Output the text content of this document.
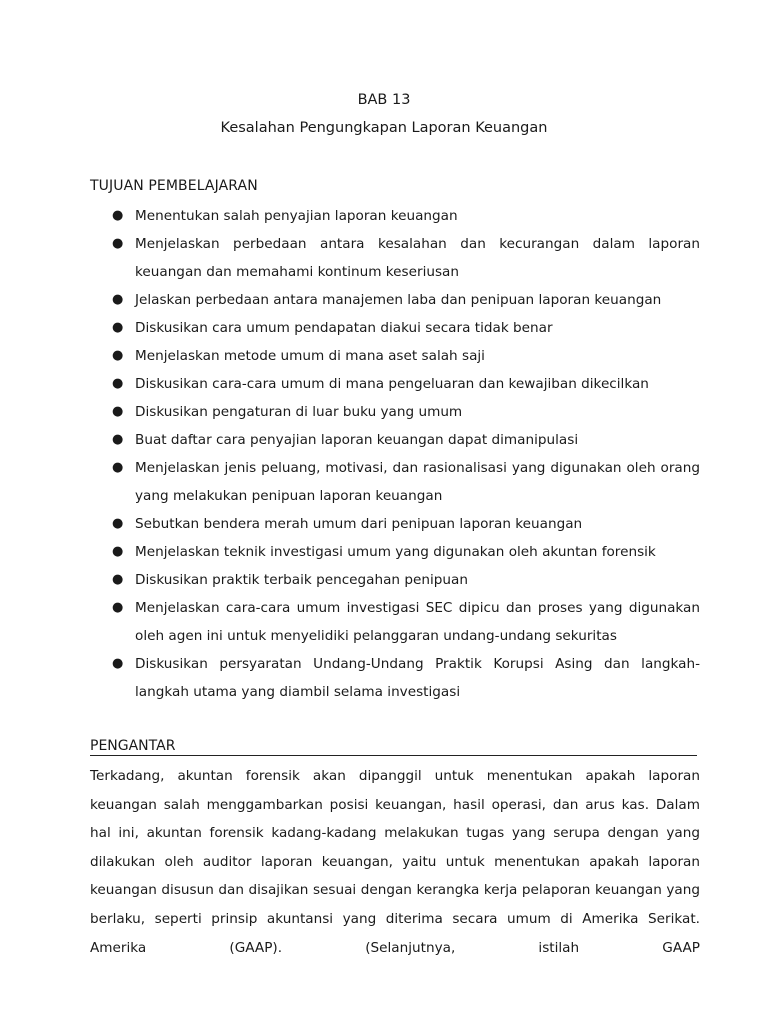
BAB 13
Kesalahan Pengungkapan Laporan Keuangan
TUJUAN PEMBELAJARAN
● Menentukan salah penyajian laporan keuangan
● Menjelaskan perbedaan antara kesalahan dan kecurangan dalam laporan keuangan dan memahami kontinum keseriusan
● Jelaskan perbedaan antara manajemen laba dan penipuan laporan keuangan
● Diskusikan cara umum pendapatan diakui secara tidak benar
● Menjelaskan metode umum di mana aset salah saji
● Diskusikan cara-cara umum di mana pengeluaran dan kewajiban dikecilkan
● Diskusikan pengaturan di luar buku yang umum
● Buat daftar cara penyajian laporan keuangan dapat dimanipulasi
● Menjelaskan jenis peluang, motivasi, dan rasionalisasi yang digunakan oleh orang yang melakukan penipuan laporan keuangan
● Sebutkan bendera merah umum dari penipuan laporan keuangan
● Menjelaskan teknik investigasi umum yang digunakan oleh akuntan forensik
● Diskusikan praktik terbaik pencegahan penipuan
● Menjelaskan cara-cara umum investigasi SEC dipicu dan proses yang digunakan oleh agen ini untuk menyelidiki pelanggaran undang-undang sekuritas
● Diskusikan persyaratan Undang-Undang Praktik Korupsi Asing dan langkah-langkah utama yang diambil selama investigasi
PENGANTAR
Terkadang, akuntan forensik akan dipanggil untuk menentukan apakah laporan keuangan salah menggambarkan posisi keuangan, hasil operasi, dan arus kas. Dalam hal ini, akuntan forensik kadang-kadang melakukan tugas yang serupa dengan yang dilakukan oleh auditor laporan keuangan, yaitu untuk menentukan apakah laporan keuangan disusun dan disajikan sesuai dengan kerangka kerja pelaporan keuangan yang berlaku, seperti prinsip akuntansi yang diterima secara umum di Amerika Serikat. Amerika (GAAP). (Selanjutnya, istilah GAAP
